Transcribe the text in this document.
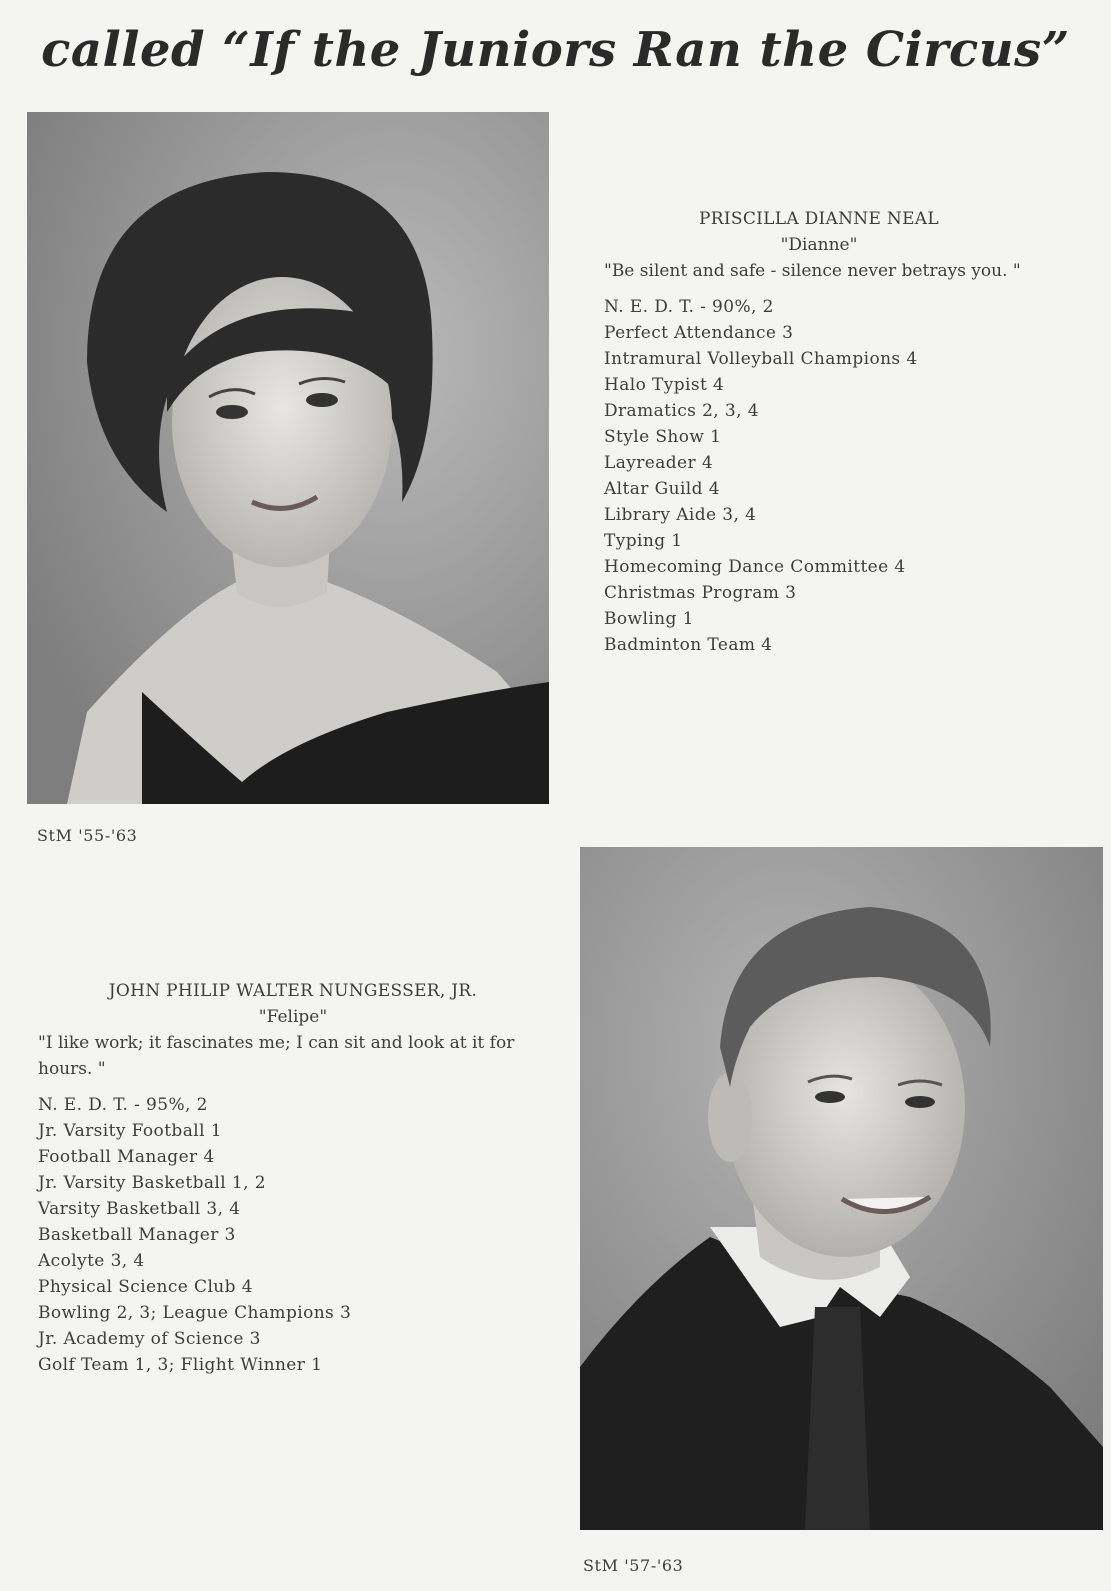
called “If the Juniors Ran the Circus”
PRISCILLA DIANNE NEAL
"Dianne"
"Be silent and safe - silence never betrays you. "
N. E. D. T. - 90%, 2
Perfect Attendance 3
Intramural Volleyball Champions 4
Halo Typist 4
Dramatics 2, 3, 4
Style Show 1
Layreader 4
Altar Guild 4
Library Aide 3, 4
Typing 1
Homecoming Dance Committee 4
Christmas Program 3
Bowling 1
Badminton Team 4
StM '55-'63
JOHN PHILIP WALTER NUNGESSER, JR.
"Felipe"
"I like work; it fascinates me; I can sit and look at it for hours. "
N. E. D. T. - 95%, 2
Jr. Varsity Football 1
Football Manager 4
Jr. Varsity Basketball 1, 2
Varsity Basketball 3, 4
Basketball Manager 3
Acolyte 3, 4
Physical Science Club 4
Bowling 2, 3; League Champions 3
Jr. Academy of Science 3
Golf Team 1, 3; Flight Winner 1
StM '57-'63
